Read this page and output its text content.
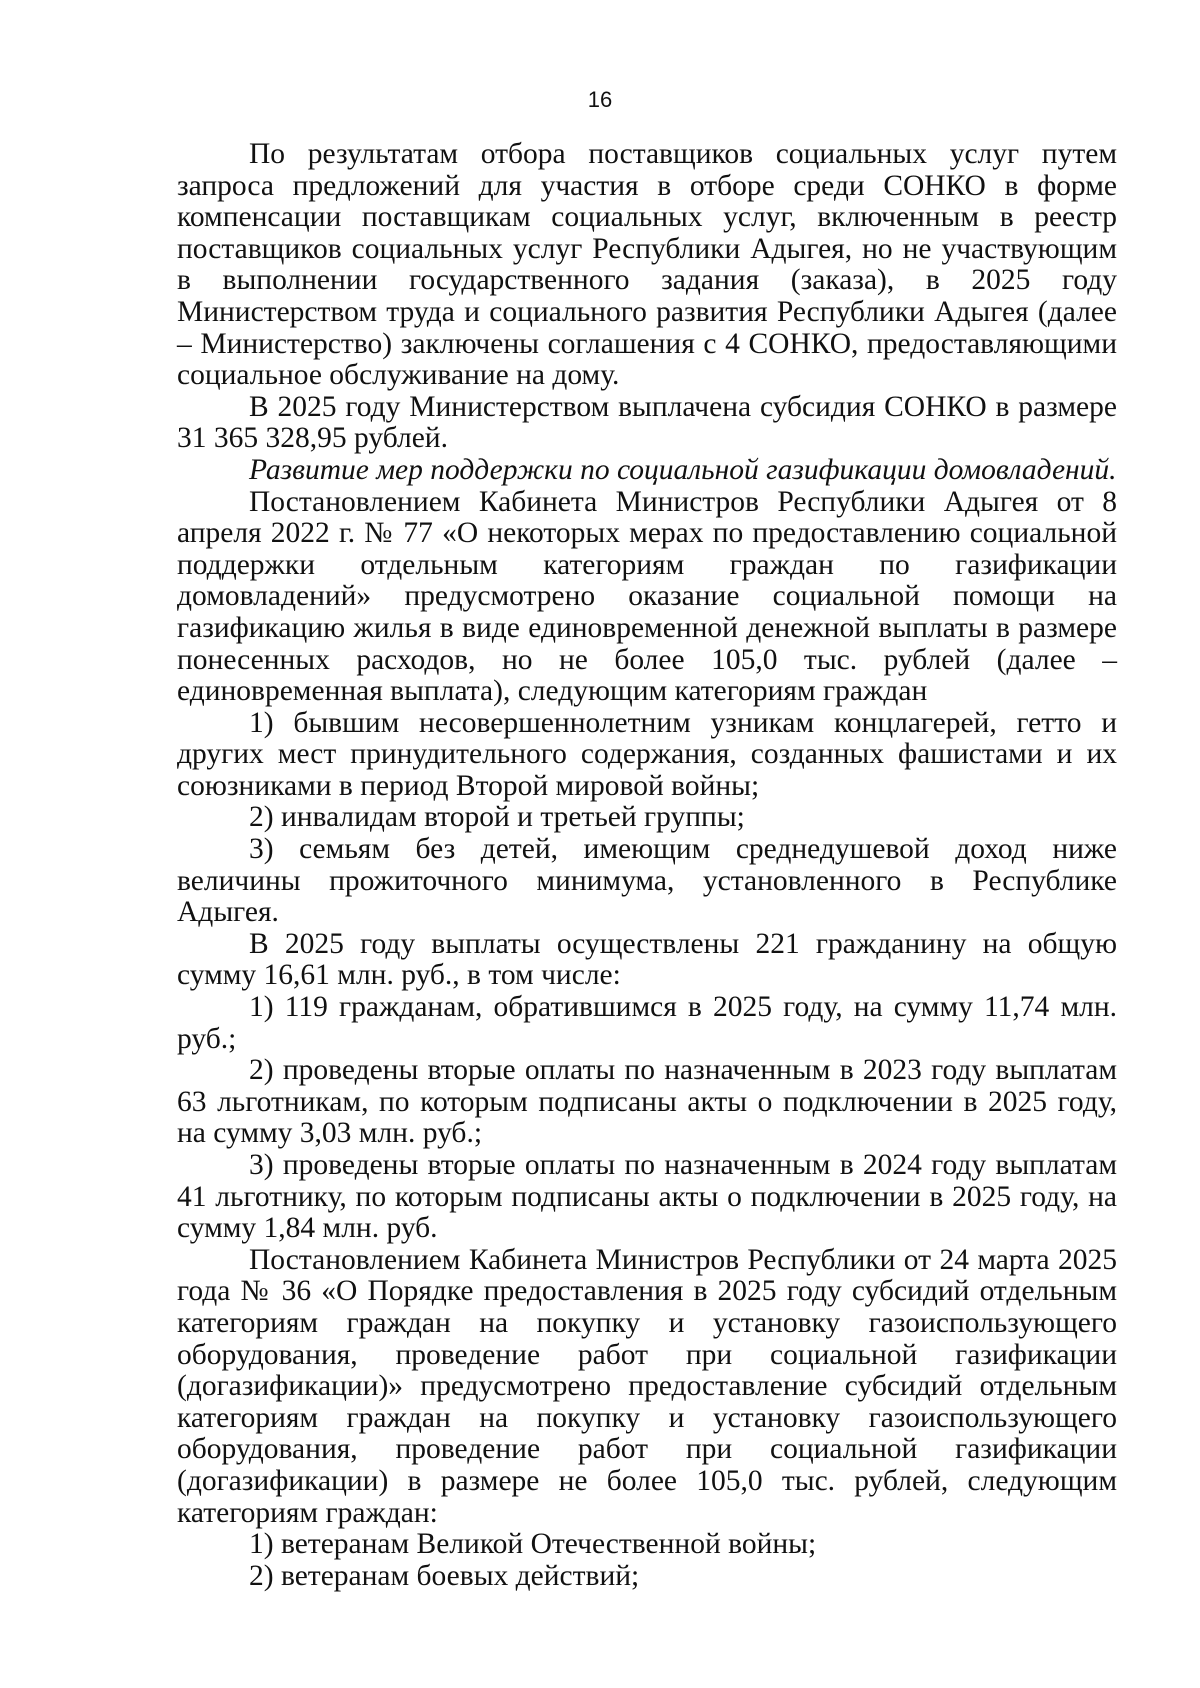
16

По результатам отбора поставщиков социальных услуг путем запроса предложений для участия в отборе среди СОНКО в форме компенсации поставщикам социальных услуг, включенным в реестр поставщиков социальных услуг Республики Адыгея, но не участвующим в выполнении государственного задания (заказа), в 2025 году Министерством труда и социального развития Республики Адыгея (далее – Министерство) заключены соглашения с 4 СОНКО, предоставляющими социальное обслуживание на дому.

В 2025 году Министерством выплачена субсидия СОНКО в размере 31 365 328,95 рублей.

Развитие мер поддержки по социальной газификации домовладений.

Постановлением Кабинета Министров Республики Адыгея от 8 апреля 2022 г. № 77 «О некоторых мерах по предоставлению социальной поддержки отдельным категориям граждан по газификации домовладений» предусмотрено оказание социальной помощи на газификацию жилья в виде единовременной денежной выплаты в размере понесенных расходов, но не более 105,0 тыс. рублей (далее – единовременная выплата), следующим категориям граждан

1) бывшим несовершеннолетним узникам концлагерей, гетто и других мест принудительного содержания, созданных фашистами и их союзниками в период Второй мировой войны;

2) инвалидам второй и третьей группы;

3) семьям без детей, имеющим среднедушевой доход ниже величины прожиточного минимума, установленного в Республике Адыгея.

В 2025 году выплаты осуществлены 221 гражданину на общую сумму 16,61 млн. руб., в том числе:

1) 119 гражданам, обратившимся в 2025 году, на сумму 11,74 млн. руб.;

2) проведены вторые оплаты по назначенным в 2023 году выплатам 63 льготникам, по которым подписаны акты о подключении в 2025 году, на сумму 3,03 млн. руб.;

3) проведены вторые оплаты по назначенным в 2024 году выплатам 41 льготнику, по которым подписаны акты о подключении в 2025 году, на сумму 1,84 млн. руб.

Постановлением Кабинета Министров Республики от 24 марта 2025 года № 36 «О Порядке предоставления в 2025 году субсидий отдельным категориям граждан на покупку и установку газоиспользующего оборудования, проведение работ при социальной газификации (догазификации)» предусмотрено предоставление субсидий отдельным категориям граждан на покупку и установку газоиспользующего оборудования, проведение работ при социальной газификации (догазификации) в размере не более 105,0 тыс. рублей, следующим категориям граждан:

1) ветеранам Великой Отечественной войны;

2) ветеранам боевых действий;
